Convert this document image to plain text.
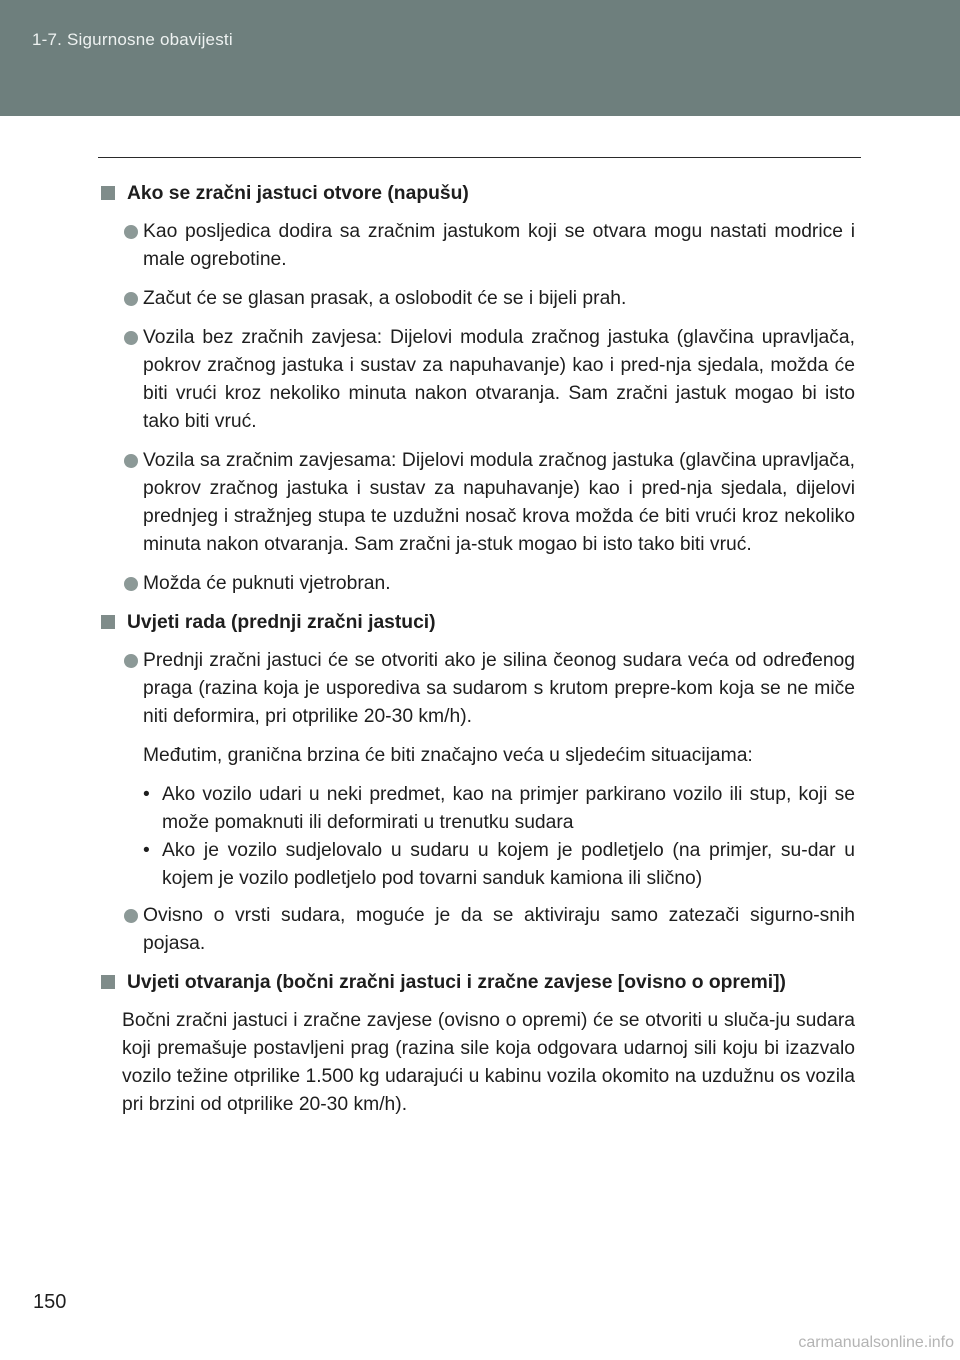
1-7. Sigurnosne obavijesti
Ako se zračni jastuci otvore (napušu)
Kao posljedica dodira sa zračnim jastukom koji se otvara mogu nastati modrice i male ogrebotine.
Začut će se glasan prasak, a oslobodit će se i bijeli prah.
Vozila bez zračnih zavjesa: Dijelovi modula zračnog jastuka (glavčina upravljača, pokrov zračnog jastuka i sustav za napuhavanje) kao i pred-nja sjedala, možda će biti vrući kroz nekoliko minuta nakon otvaranja. Sam zračni jastuk mogao bi isto tako biti vruć.
Vozila sa zračnim zavjesama: Dijelovi modula zračnog jastuka (glavčina upravljača, pokrov zračnog jastuka i sustav za napuhavanje) kao i pred-nja sjedala, dijelovi prednjeg i stražnjeg stupa te uzdužni nosač krova možda će biti vrući kroz nekoliko minuta nakon otvaranja. Sam zračni ja-stuk mogao bi isto tako biti vruć.
Možda će puknuti vjetrobran.
Uvjeti rada (prednji zračni jastuci)
Prednji zračni jastuci će se otvoriti ako je silina čeonog sudara veća od određenog praga (razina koja je usporediva sa sudarom s krutom prepre-kom koja se ne miče niti deformira, pri otprilike 20-30 km/h).
Međutim, granična brzina će biti značajno veća u sljedećim situacijama:
• Ako vozilo udari u neki predmet, kao na primjer parkirano vozilo ili stup, koji se može pomaknuti ili deformirati u trenutku sudara
• Ako je vozilo sudjelovalo u sudaru u kojem je podletjelo (na primjer, su-dar u kojem je vozilo podletjelo pod tovarni sanduk kamiona ili slično)
Ovisno o vrsti sudara, moguće je da se aktiviraju samo zatezači sigurno-snih pojasa.
Uvjeti otvaranja (bočni zračni jastuci i zračne zavjese [ovisno o opremi])
Bočni zračni jastuci i zračne zavjese (ovisno o opremi) će se otvoriti u sluča-ju sudara koji premašuje postavljeni prag (razina sile koja odgovara udarnoj sili koju bi izazvalo vozilo težine otprilike 1.500 kg udarajući u kabinu vozila okomito na uzdužnu os vozila pri brzini od otprilike 20-30 km/h).
150
carmanualsonline.info
